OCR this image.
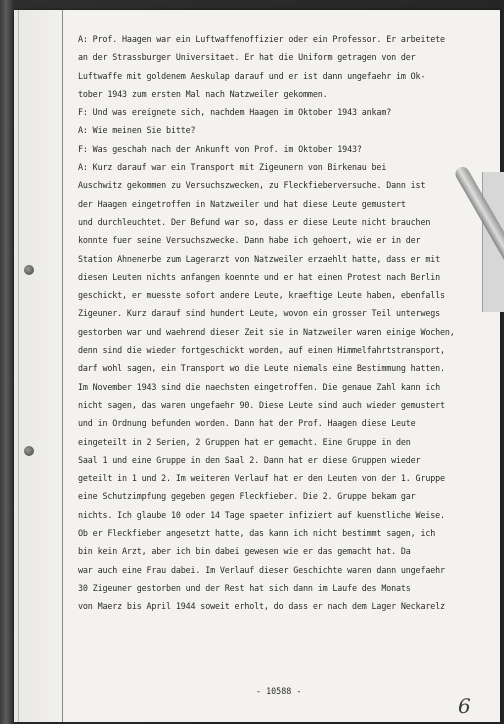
A: Prof. Haagen war ein Luftwaffenoffizier oder ein Professor. Er arbeitete
an der Strassburger Universitaet. Er hat die Uniform getragen von der
Luftwaffe mit goldenem Aeskulap darauf und er ist dann ungefaehr im Ok-
tober 1943 zum ersten Mal nach Natzweiler gekommen.
F: Und was ereignete sich, nachdem Haagen im Oktober 1943 ankam?
A: Wie meinen Sie bitte?
F: Was geschah nach der Ankunft von Prof. im Oktober 1943?
A: Kurz darauf war ein Transport mit Zigeunern von Birkenau bei
Auschwitz gekommen zu Versuchszwecken, zu Fleckfieberversuche. Dann ist
der Haagen eingetroffen in Natzweiler und hat diese Leute gemustert
und durchleuchtet. Der Befund war so, dass er diese Leute nicht brauchen
konnte fuer seine Versuchszwecke. Dann habe ich gehoert, wie er in der
Station Ahnenerbe zum Lagerarzt von Natzweiler erzaehlt hatte, dass er mit
diesen Leuten nichts anfangen koennte und er hat einen Protest nach Berlin
geschickt, er muesste sofort andere Leute, kraeftige Leute haben, ebenfalls
Zigeuner. Kurz darauf sind hundert Leute, wovon ein grosser Teil unterwegs
gestorben war und waehrend dieser Zeit sie in Natzweiler waren einige Wochen,
denn sind die wieder fortgeschickt worden, auf einen Himmelfahrtstransport,
darf wohl sagen, ein Transport wo die Leute niemals eine Bestimmung hatten.
Im November 1943 sind die naechsten eingetroffen. Die genaue Zahl kann ich
nicht sagen, das waren ungefaehr 90. Diese Leute sind auch wieder gemustert
und in Ordnung befunden worden. Dann hat der Prof. Haagen diese Leute
eingeteilt in 2 Serien, 2 Gruppen hat er gemacht. Eine Gruppe in den
Saal 1 und eine Gruppe in den Saal 2. Dann hat er diese Gruppen wieder
geteilt in 1 und 2. Im weiteren Verlauf hat er den Leuten von der 1. Gruppe
eine Schutzimpfung gegeben gegen Fleckfieber. Die 2. Gruppe bekam gar
nichts. Ich glaube 10 oder 14 Tage spaeter infiziert auf kuenstliche Weise.
Ob er Fleckfieber angesetzt hatte, das kann ich nicht bestimmt sagen, ich
bin kein Arzt, aber ich bin dabei gewesen wie er das gemacht hat. Da
war auch eine Frau dabei. Im Verlauf dieser Geschichte waren dann ungefaehr
30 Zigeuner gestorben und der Rest hat sich dann im Laufe des Monats
von Maerz bis April 1944 soweit erholt, do dass er nach dem Lager Neckarelz
- 10588 -
6
